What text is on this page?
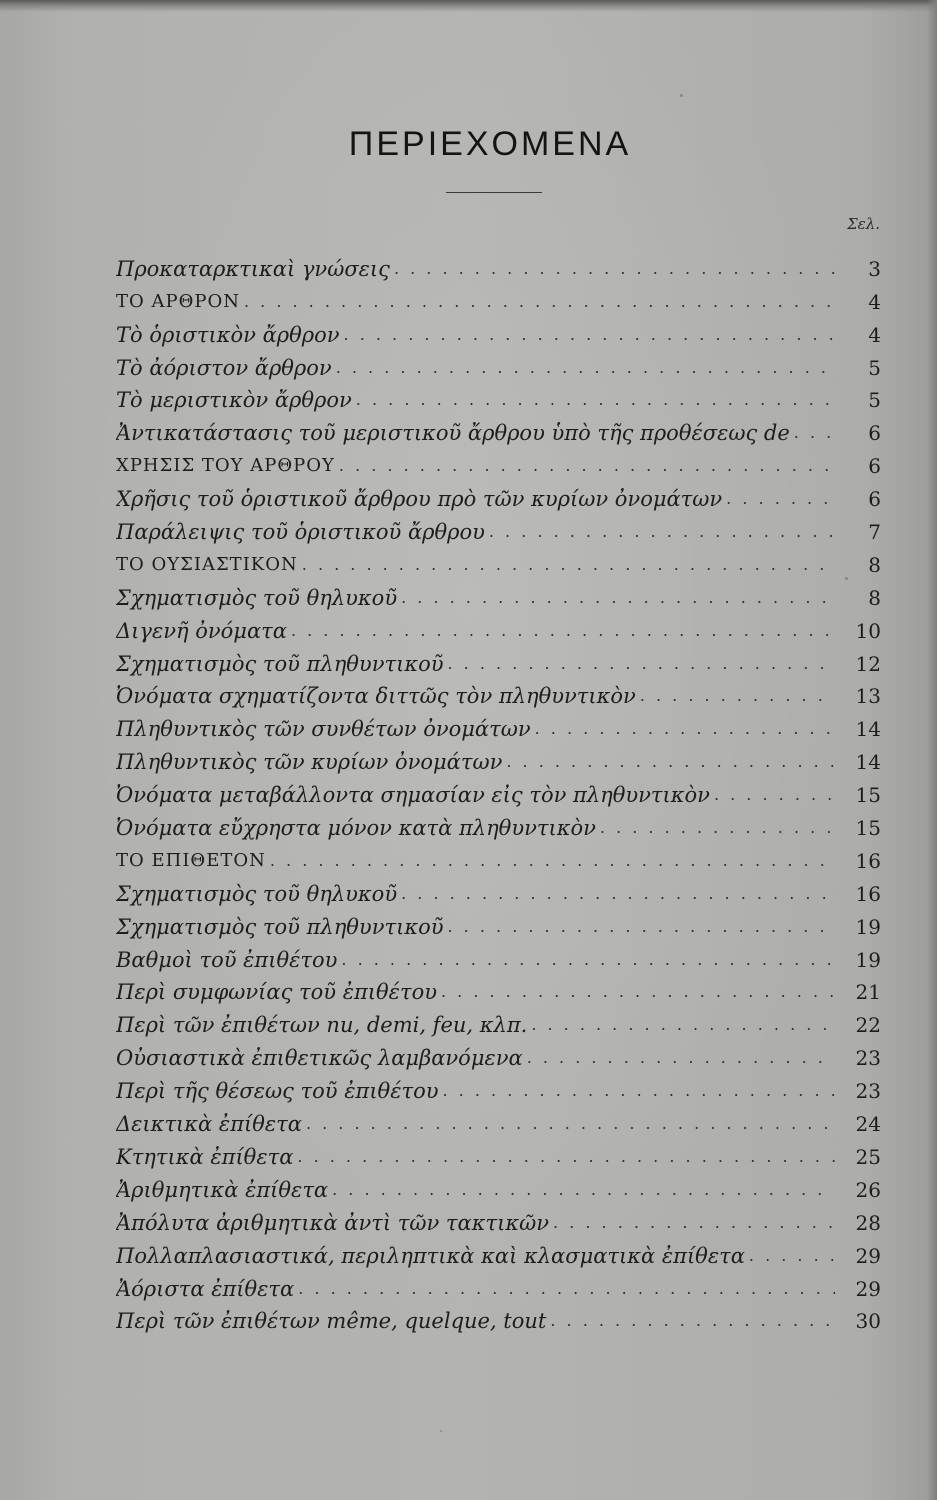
ΠΕΡΙΕΧΟΜΕΝΑ
Σελ.
Προκαταρκτικαὶ γνώσεις . . .	3
ΤΟ ΑΡΘΡΟΝ . . .	4
Τὸ ὁριστικὸν ἄρθρον . . .	4
Τὸ ἀόριστον ἄρθρον . . .	5
Τὸ μεριστικὸν ἄρθρον . . .	5
Ἀντικατάστασις τοῦ μεριστικοῦ ἄρθρου ὑπὸ τῆς προθέσεως de . . .	6
ΧΡΗΣΙΣ ΤΟΥ ΑΡΘΡΟΥ . . .	6
Χρῆσις τοῦ ὁριστικοῦ ἄρθρου πρὸ τῶν κυρίων ὀνομάτων . . .	6
Παράλειψις τοῦ ὁριστικοῦ ἄρθρου . . .	7
ΤΟ ΟΥΣΙΑΣΤΙΚΟΝ . . .	8
Σχηματισμὸς τοῦ θηλυκοῦ . . .	8
Διγενῆ ὀνόματα . . .	10
Σχηματισμὸς τοῦ πληθυντικοῦ . . .	12
Ὀνόματα σχηματίζοντα διττῶς τὸν πληθυντικὸν . . .	13
Πληθυντικὸς τῶν συνθέτων ὀνομάτων . . .	14
Πληθυντικὸς τῶν κυρίων ὀνομάτων . . .	14
Ὀνόματα μεταβάλλοντα σημασίαν εἰς τὸν πληθυντικὸν . . .	15
Ὀνόματα εὔχρηστα μόνον κατὰ πληθυντικὸν . . .	15
ΤΟ ΕΠΙΘΕΤΟΝ . . .	16
Σχηματισμὸς τοῦ θηλυκοῦ . . .	16
Σχηματισμὸς τοῦ πληθυντικοῦ . . .	19
Βαθμοὶ τοῦ ἐπιθέτου . . .	19
Περὶ συμφωνίας τοῦ ἐπιθέτου . . .	21
Περὶ τῶν ἐπιθέτων nu, demi, feu, κλπ. . . .	22
Οὐσιαστικὰ ἐπιθετικῶς λαμβανόμενα . . .	23
Περὶ τῆς θέσεως τοῦ ἐπιθέτου . . .	23
Δεικτικὰ ἐπίθετα . . .	24
Κτητικὰ ἐπίθετα . . .	25
Ἀριθμητικὰ ἐπίθετα . . .	26
Ἀπόλυτα ἀριθμητικὰ ἀντὶ τῶν τακτικῶν . . .	28
Πολλαπλασιαστικά, περιληπτικὰ καὶ κλασματικὰ ἐπίθετα . . .	29
Ἀόριστα ἐπίθετα . . .	29
Περὶ τῶν ἐπιθέτων même, quelque, tout . . .	30
